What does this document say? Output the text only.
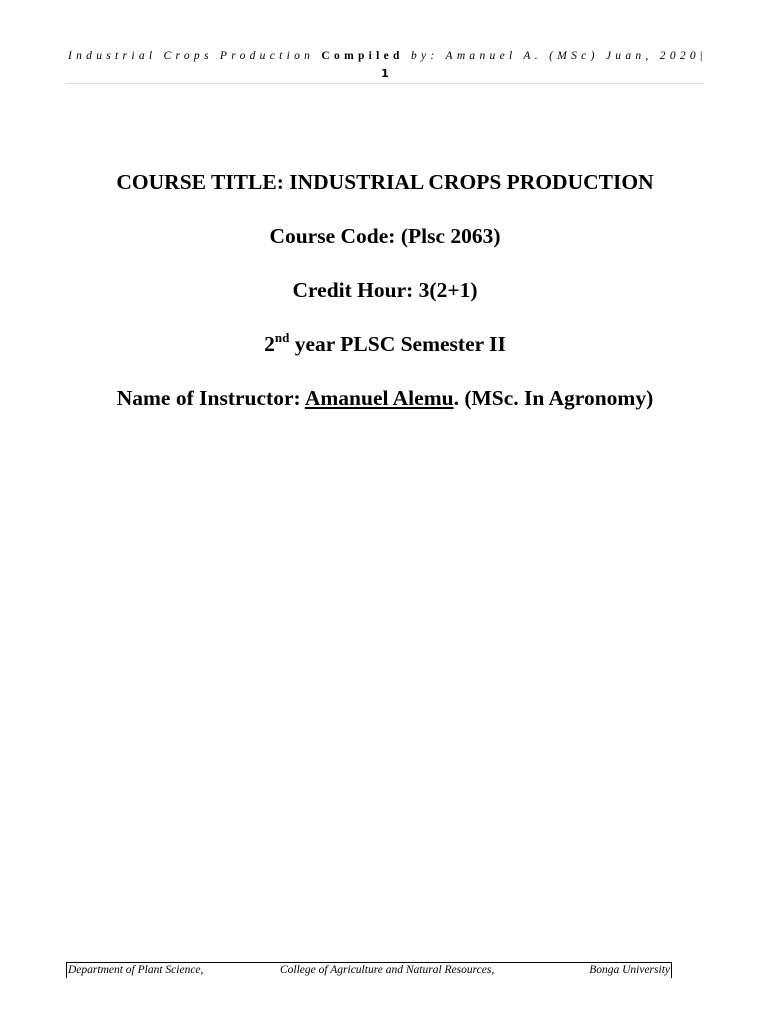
Industrial Crops Production Compiled by: Amanuel A. (MSc) Juan, 2020|
1
COURSE TITLE: INDUSTRIAL CROPS PRODUCTION
Course Code: (Plsc 2063)
Credit Hour: 3(2+1)
2nd year PLSC Semester II
Name of Instructor: Amanuel Alemu. (MSc. In Agronomy)
Department of Plant Science,	College of Agriculture and Natural Resources,	Bonga University
